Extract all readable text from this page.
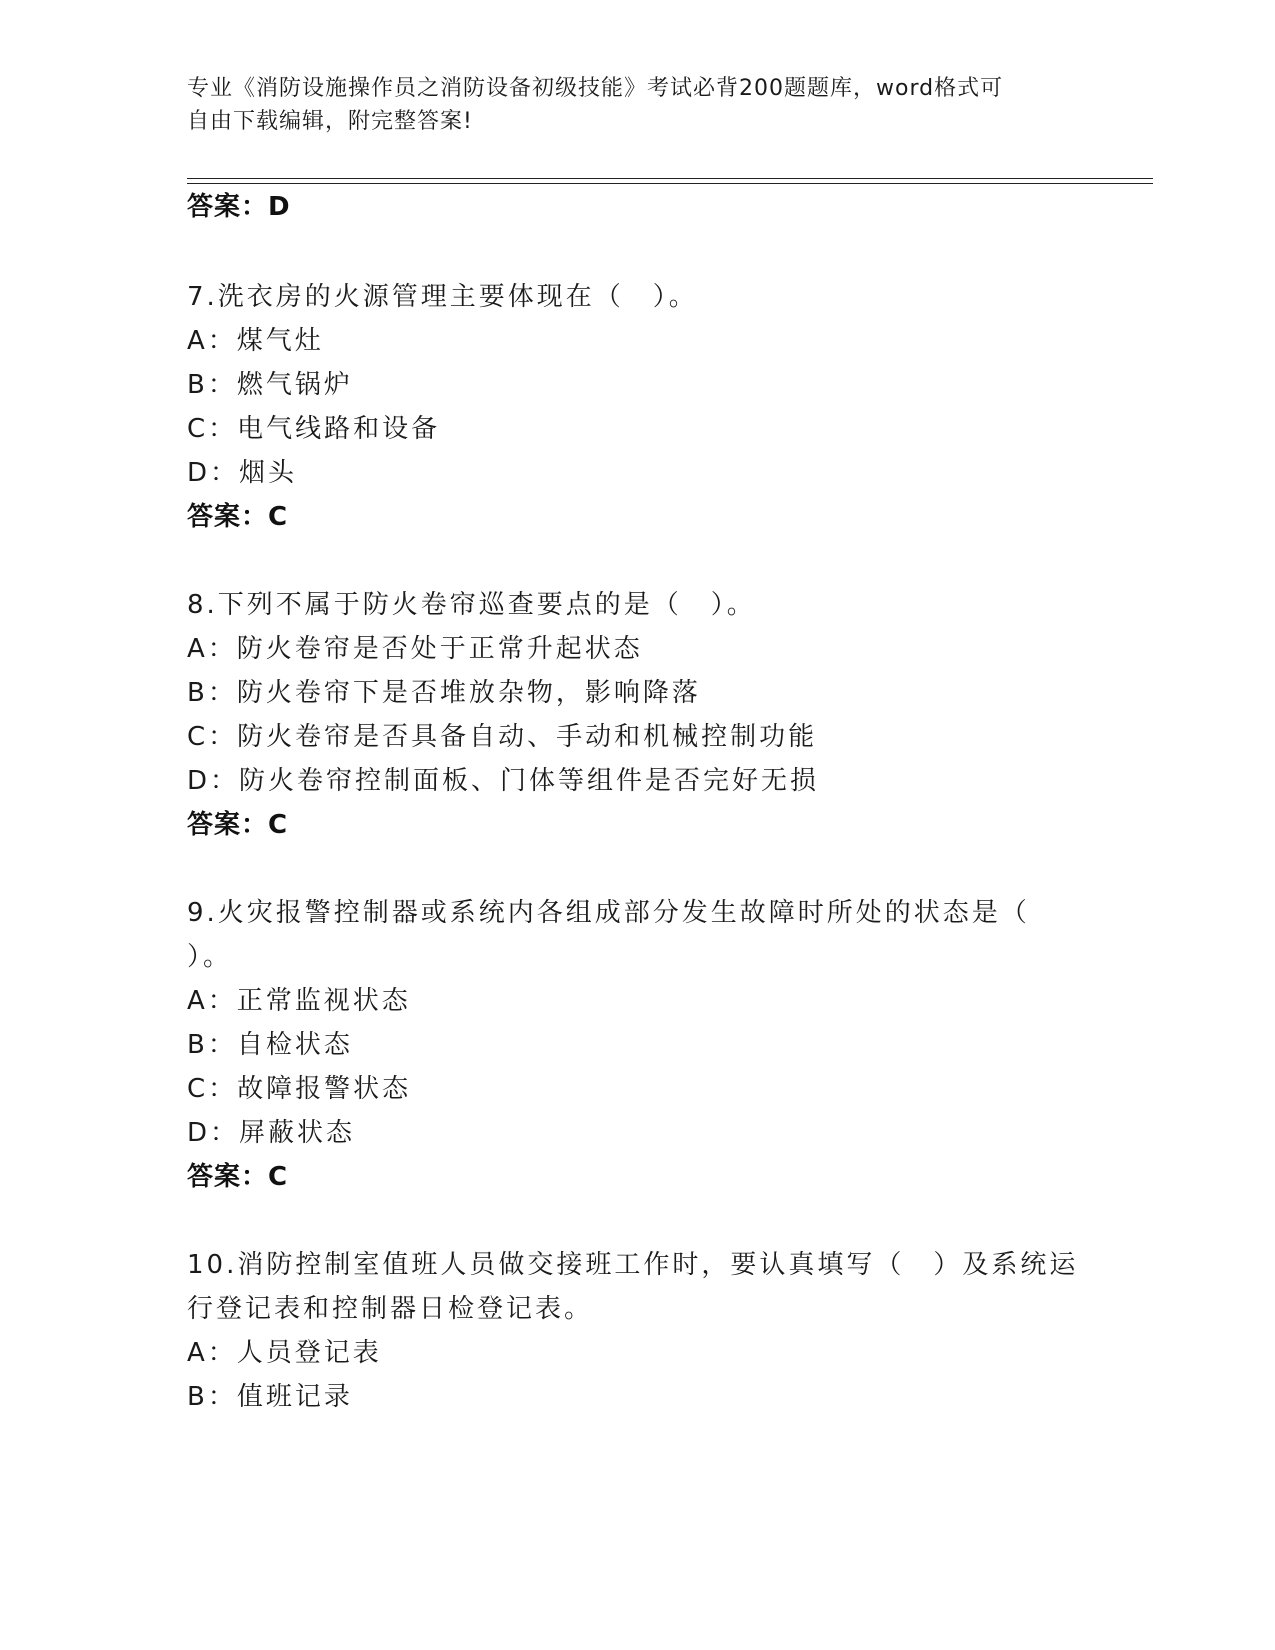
专业《消防设施操作员之消防设备初级技能》考试必背200题题库，word格式可
自由下载编辑，附完整答案!
答案：D
7.洗衣房的火源管理主要体现在（　）。
A：煤气灶
B：燃气锅炉
C：电气线路和设备
D：烟头
答案：C
8.下列不属于防火卷帘巡查要点的是（　）。
A：防火卷帘是否处于正常升起状态
B：防火卷帘下是否堆放杂物，影响降落
C：防火卷帘是否具备自动、手动和机械控制功能
D：防火卷帘控制面板、门体等组件是否完好无损
答案：C
9.火灾报警控制器或系统内各组成部分发生故障时所处的状态是（
）。
A：正常监视状态
B：自检状态
C：故障报警状态
D：屏蔽状态
答案：C
10.消防控制室值班人员做交接班工作时，要认真填写（　）及系统运
行登记表和控制器日检登记表。
A：人员登记表
B：值班记录
